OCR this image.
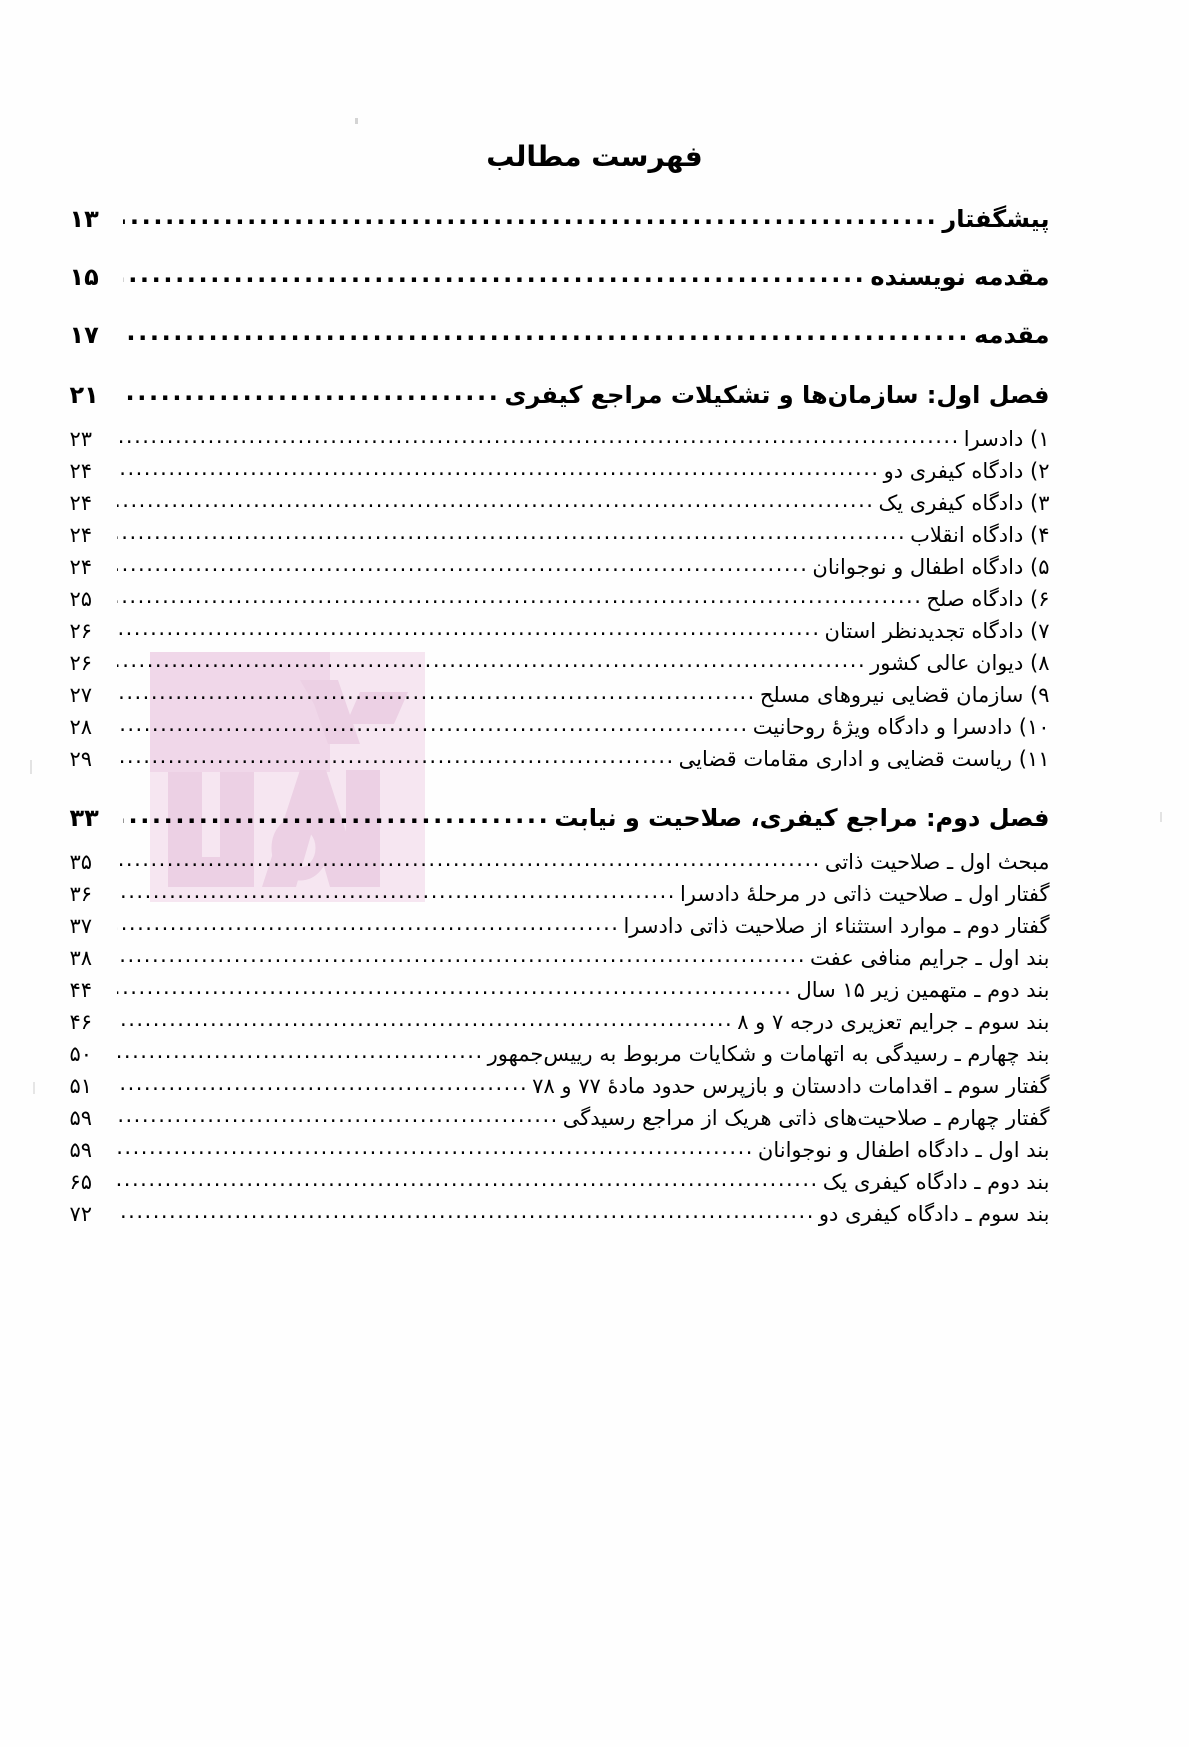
فهرست مطالب
پیشگفتار
.....
۱۳
مقدمه نویسنده
.....
۱۵
مقدمه
.....
۱۷
فصل اول: سازمان‌ها و تشکیلات مراجع کیفری
.....
۲۱
۱) دادسرا
.....
۲۳
۲) دادگاه کیفری دو
.....
۲۴
۳) دادگاه کیفری یک
.....
۲۴
۴) دادگاه انقلاب
.....
۲۴
۵) دادگاه اطفال و نوجوانان
.....
۲۴
۶) دادگاه صلح
.....
۲۵
۷) دادگاه تجدیدنظر استان
.....
۲۶
۸) دیوان عالی کشور
.....
۲۶
۹) سازمان قضایی نیروهای مسلح
.....
۲۷
۱۰) دادسرا و دادگاه ویژهٔ روحانیت
.....
۲۸
۱۱) ریاست قضایی و اداری مقامات قضایی
.....
۲۹
فصل دوم: مراجع کیفری، صلاحیت و نیابت
.....
۳۳
مبحث اول ـ صلاحیت ذاتی
.....
۳۵
گفتار اول ـ صلاحیت ذاتی در مرحلۀ دادسرا
.....
۳۶
گفتار دوم ـ موارد استثناء از صلاحیت ذاتی دادسرا
.....
۳۷
بند اول ـ جرایم منافی عفت
.....
۳۸
بند دوم ـ متهمین زیر ۱۵ سال
.....
۴۴
بند سوم ـ جرایم تعزیری درجه ۷ و ۸
.....
۴۶
بند چهارم ـ رسیدگی به اتهامات و شکایات مربوط به رییس‌جمهور
.....
۵۰
گفتار سوم ـ اقدامات دادستان و بازپرس حدود مادۀ ۷۷ و ۷۸
.....
۵۱
گفتار چهارم ـ صلاحیت‌های ذاتی هریک از مراجع رسیدگی
.....
۵۹
بند اول ـ دادگاه اطفال و نوجوانان
.....
۵۹
بند دوم ـ دادگاه کیفری یک
.....
۶۵
بند سوم ـ دادگاه کیفری دو
.....
۷۲
